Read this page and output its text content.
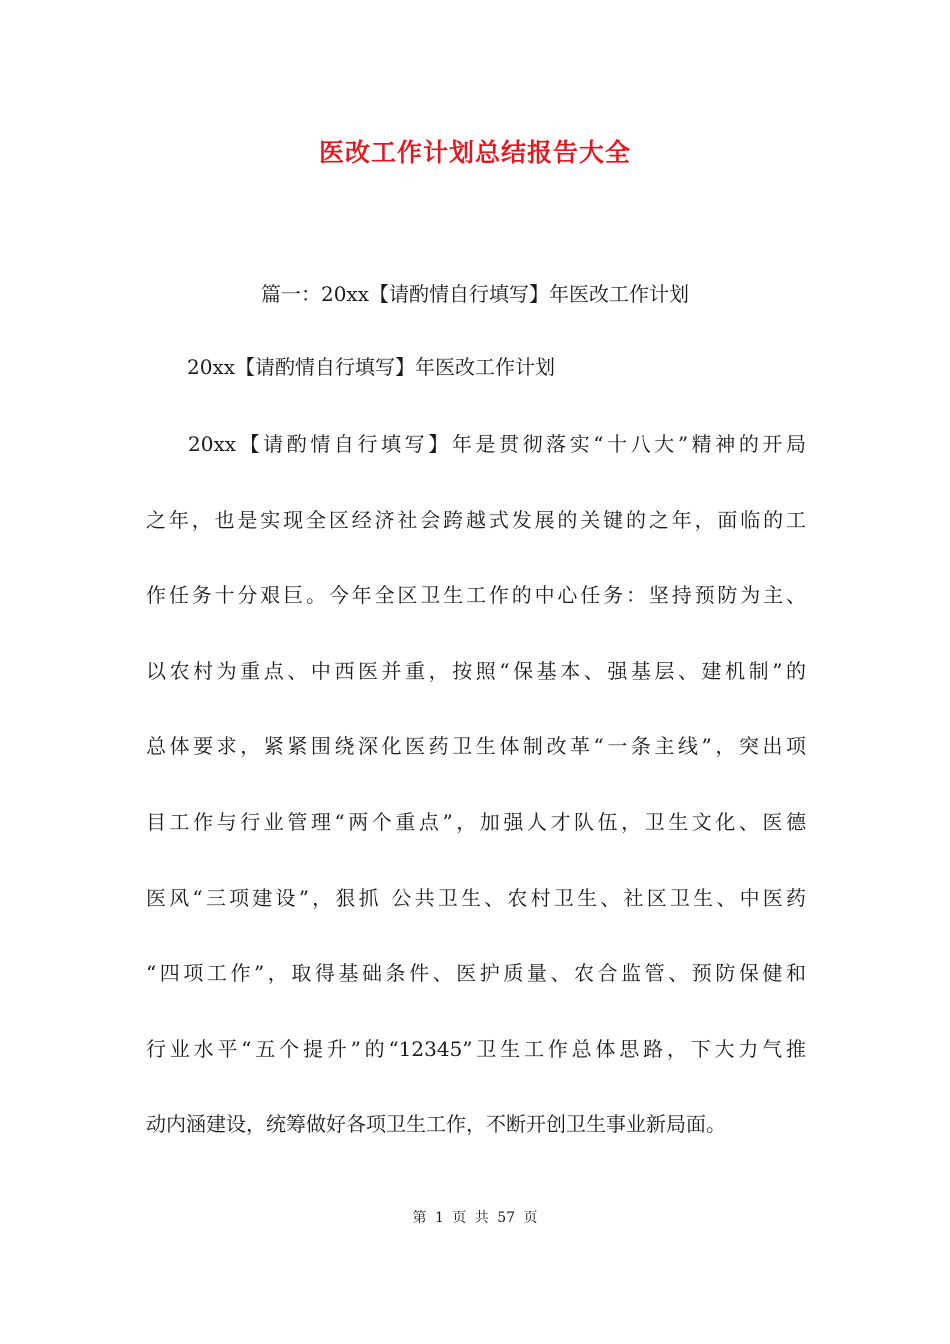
医改工作计划总结报告大全
篇一：20xx【请酌情自行填写】年医改工作计划
20xx【请酌情自行填写】年医改工作计划
20xx【请酌情自行填写】年是贯彻落实“十八大”精神的开局
之年，也是实现全区经济社会跨越式发展的关键的之年，面临的工
作任务十分艰巨。今年全区卫生工作的中心任务：坚持预防为主、
以农村为重点、中西医并重，按照“保基本、强基层、建机制”的
总体要求，紧紧围绕深化医药卫生体制改革“一条主线”，突出项
目工作与行业管理“两个重点”，加强人才队伍，卫生文化、医德
医风“三项建设”，狠抓 公共卫生、农村卫生、社区卫生、中医药
“四项工作”，取得基础条件、医护质量、农合监管、预防保健和
行业水平“五个提升”的“12345”卫生工作总体思路，下大力气推
动内涵建设，统筹做好各项卫生工作，不断开创卫生事业新局面。
第 1 页 共 57 页
